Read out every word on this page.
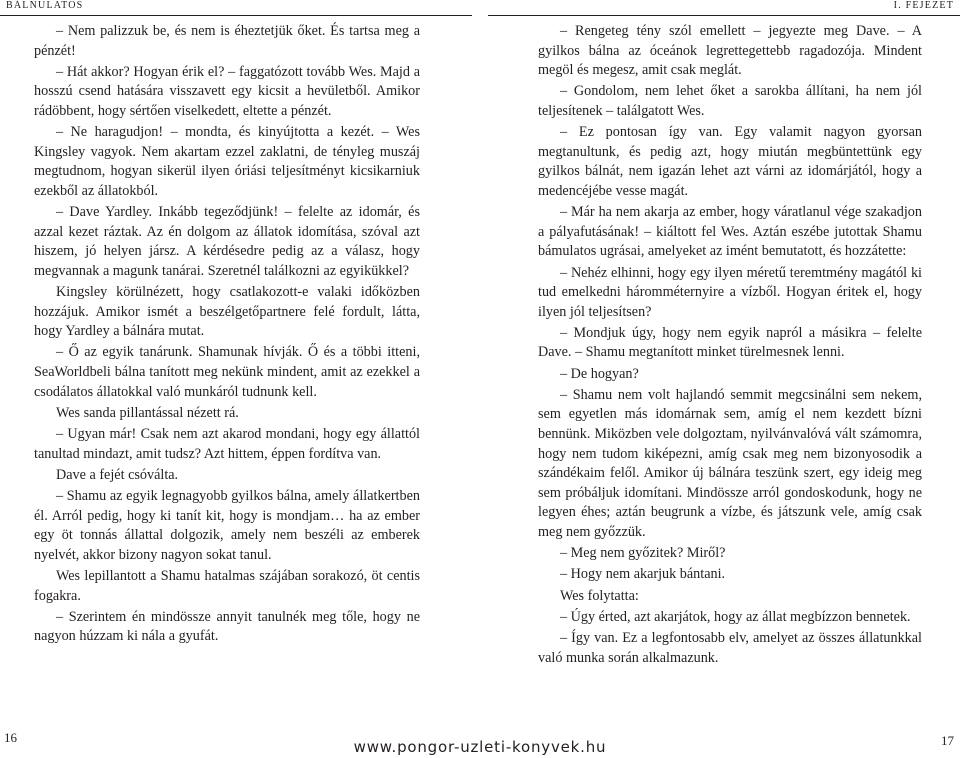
BÁLNULATOS	I. FEJEZET

– Nem palizzuk be, és nem is éheztetjük őket. És tartsa meg a pénzét!

– Hát akkor? Hogyan érik el? – faggatózott tovább Wes. Majd a hosszú csend hatására visszavett egy kicsit a hevületből. Amikor rádöbbent, hogy sértően viselkedett, eltette a pénzét.

– Ne haragudjon! – mondta, és kinyújtotta a kezét. – Wes Kingsley vagyok. Nem akartam ezzel zaklatni, de tényleg muszáj megtudnom, hogyan sikerül ilyen óriási teljesítményt kicsikarniuk ezekből az állatokból.

– Dave Yardley. Inkább tegeződjünk! – felelte az idomár, és azzal kezet ráztak. Az én dolgom az állatok idomítása, szóval azt hiszem, jó helyen jársz. A kérdésedre pedig az a válasz, hogy megvannak a magunk tanárai. Szeretnél találkozni az egyikükkel?

Kingsley körülnézett, hogy csatlakozott-e valaki időközben hozzájuk. Amikor ismét a beszélgetőpartnere felé fordult, látta, hogy Yardley a bálnára mutat.

– Ő az egyik tanárunk. Shamunak hívják. Ő és a többi itteni, SeaWorldbeli bálna tanított meg nekünk mindent, amit az ezekkel a csodálatos állatokkal való munkáról tudnunk kell.

Wes sanda pillantással nézett rá.

– Ugyan már! Csak nem azt akarod mondani, hogy egy állattól tanultad mindazt, amit tudsz? Azt hittem, éppen fordítva van.

Dave a fejét csóválta.

– Shamu az egyik legnagyobb gyilkos bálna, amely állatkertben él. Arról pedig, hogy ki tanít kit, hogy is mondjam… ha az ember egy öt tonnás állattal dolgozik, amely nem beszéli az emberek nyelvét, akkor bizony nagyon sokat tanul.

Wes lepillantott a Shamu hatalmas szájában sorakozó, öt centis fogakra.

– Szerintem én mindössze annyit tanulnék meg tőle, hogy ne nagyon húzzam ki nála a gyufát.

– Rengeteg tény szól emellett – jegyezte meg Dave. – A gyilkos bálna az óceánok legrettegettebb ragadozója. Mindent megöl és megesz, amit csak meglát.

– Gondolom, nem lehet őket a sarokba állítani, ha nem jól teljesítenek – találgatott Wes.

– Ez pontosan így van. Egy valamit nagyon gyorsan megtanultunk, és pedig azt, hogy miután megbüntettünk egy gyilkos bálnát, nem igazán lehet azt várni az idomárjától, hogy a medencéjébe vesse magát.

– Már ha nem akarja az ember, hogy váratlanul vége szakadjon a pályafutásának! – kiáltott fel Wes. Aztán eszébe jutottak Shamu bámulatos ugrásai, amelyeket az imént bemutatott, és hozzátette:

– Nehéz elhinni, hogy egy ilyen méretű teremtmény magától ki tud emelkedni háromméternyire a vízből. Hogyan éritek el, hogy ilyen jól teljesítsen?

– Mondjuk úgy, hogy nem egyik napról a másikra – felelte Dave. – Shamu megtanított minket türelmesnek lenni.

– De hogyan?

– Shamu nem volt hajlandó semmit megcsinálni sem nekem, sem egyetlen más idomárnak sem, amíg el nem kezdett bízni bennünk. Miközben vele dolgoztam, nyilvánvalóvá vált számomra, hogy nem tudom kiképezni, amíg csak meg nem bizonyosodik a szándékaim felől. Amikor új bálnára teszünk szert, egy ideig meg sem próbáljuk idomítani. Mindössze arról gondoskodunk, hogy ne legyen éhes; aztán beugrunk a vízbe, és játszunk vele, amíg csak meg nem győzzük.

– Meg nem győzitek? Miről?

– Hogy nem akarjuk bántani.

Wes folytatta:

– Úgy érted, azt akarjátok, hogy az állat megbízzon bennetek.

– Így van. Ez a legfontosabb elv, amelyet az összes állatunkkal való munka során alkalmazunk.

16	17
www.pongor-uzleti-konyvek.hu
